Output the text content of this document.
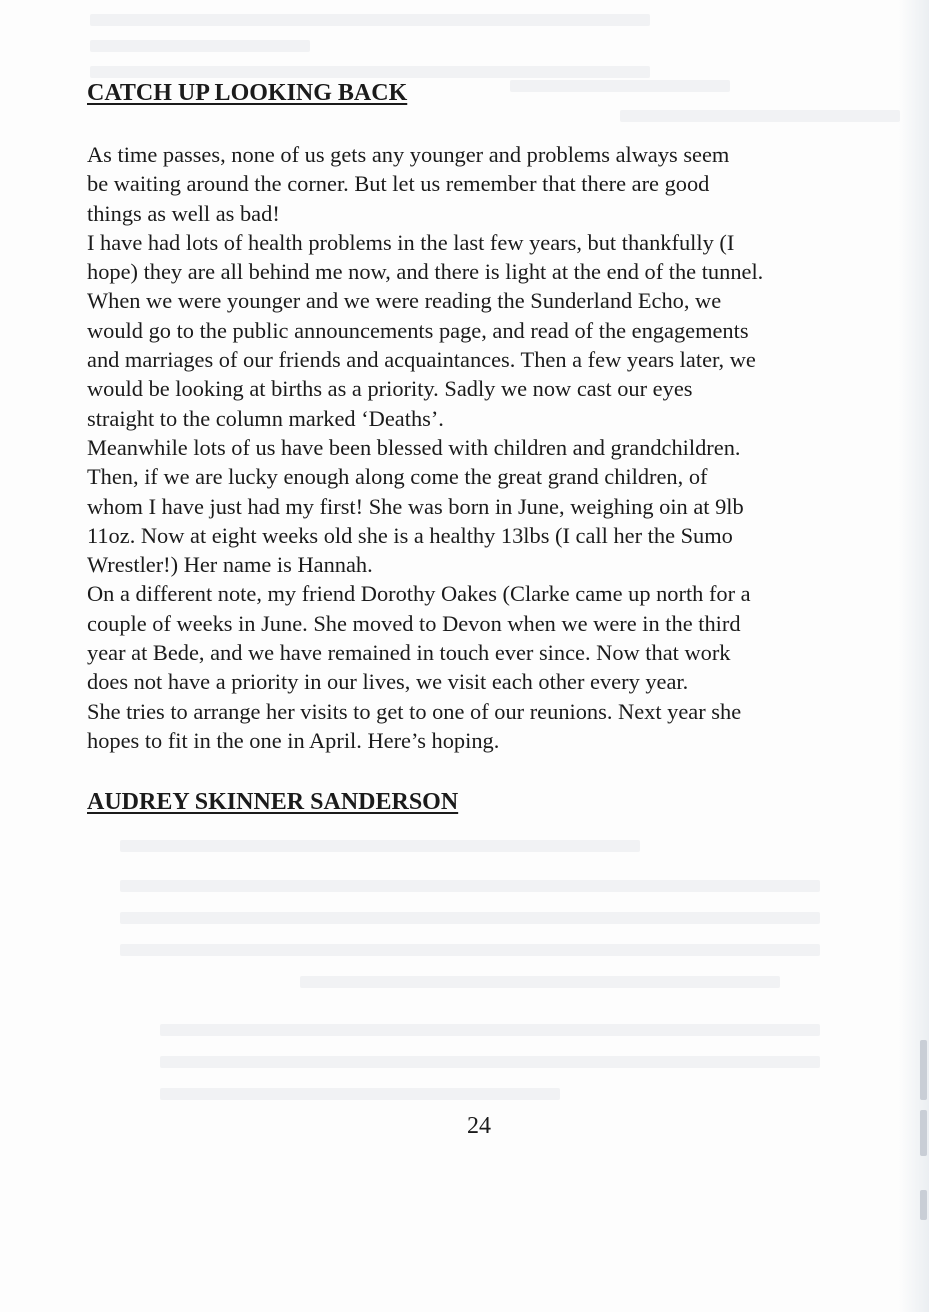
CATCH UP LOOKING BACK
As time passes, none of us gets any younger and problems always seem
be waiting around the corner. But let us remember that there are good
things as well as bad!
I have had lots of health problems in the last few years, but thankfully (I
hope) they are all behind me now, and there is light at the end of the tunnel.
When we were younger and we were reading the Sunderland Echo, we
would go to the public announcements page, and read of the engagements
and marriages of our friends and acquaintances. Then a few years later, we
would be looking at births as a priority. Sadly we now cast our eyes
straight to the column marked ‘Deaths’.
Meanwhile lots of us have been blessed with children and grandchildren.
Then, if we are lucky enough along come the great grand children, of
whom I have just had my first! She was born in June, weighing oin at 9lb
11oz. Now at eight weeks old she is a healthy 13lbs (I call her the Sumo
Wrestler!) Her name is Hannah.
On a different note, my friend Dorothy Oakes (Clarke came up north for a
couple of weeks in June. She moved to Devon when we were in the third
year at Bede, and we have remained in touch ever since. Now that work
does not have a priority in our lives, we visit each other every year.
She tries to arrange her visits to get to one of our reunions. Next year she
hopes to fit in the one in April. Here’s hoping.
AUDREY SKINNER SANDERSON
24
